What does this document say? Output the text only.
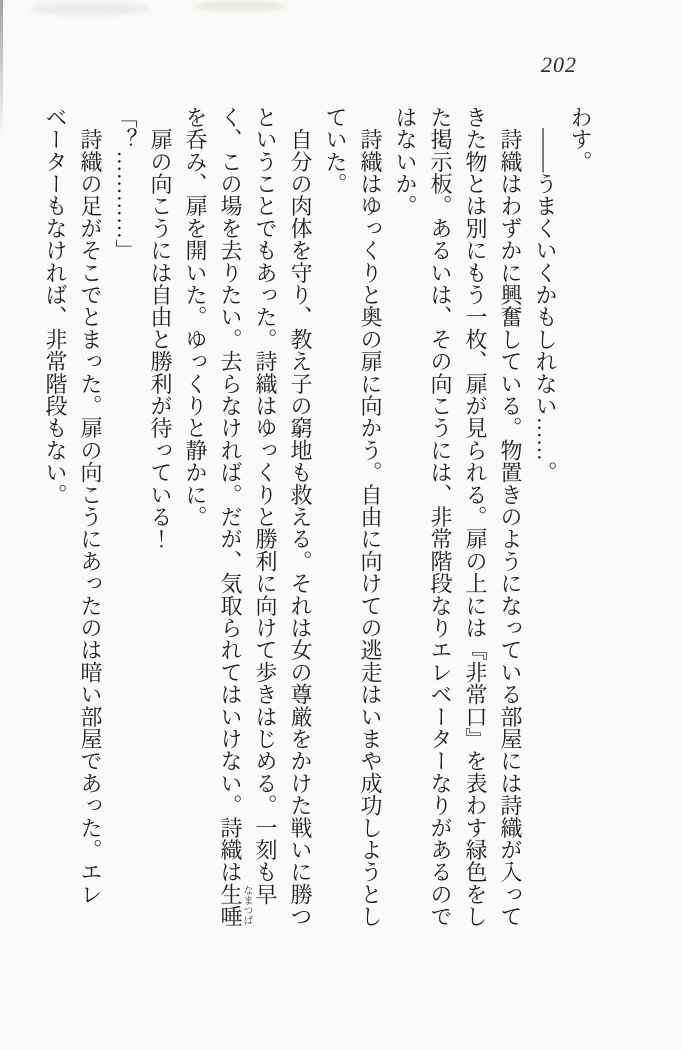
202

わす。

　——うまくいくかもしれない……。

　詩織はわずかに興奮している。物置きのようになっている部屋には詩織が入ってきた物とは別にもう一枚、扉が見られる。扉の上には『非常口』を表わす緑色をした掲示板。あるいは、その向こうには、非常階段なりエレベーターなりがあるのではないか。

　詩織はゆっくりと奥の扉に向かう。自由に向けての逃走はいまや成功しようとしていた。

　自分の肉体を守り、教え子の窮地も救える。それは女の尊厳をかけた戦いに勝つということでもあった。詩織はゆっくりと勝利に向けて歩きはじめる。一刻も早く、この場を去りたい。去らなければ。だが、気取られてはいけない。詩織は生唾なまつばを呑み、扉を開いた。ゆっくりと静かに。

　扉の向こうには自由と勝利が待っている！

「？…………」

　詩織の足がそこでとまった。扉の向こうにあったのは暗い部屋であった。エレベーターもなければ、非常階段もない。
